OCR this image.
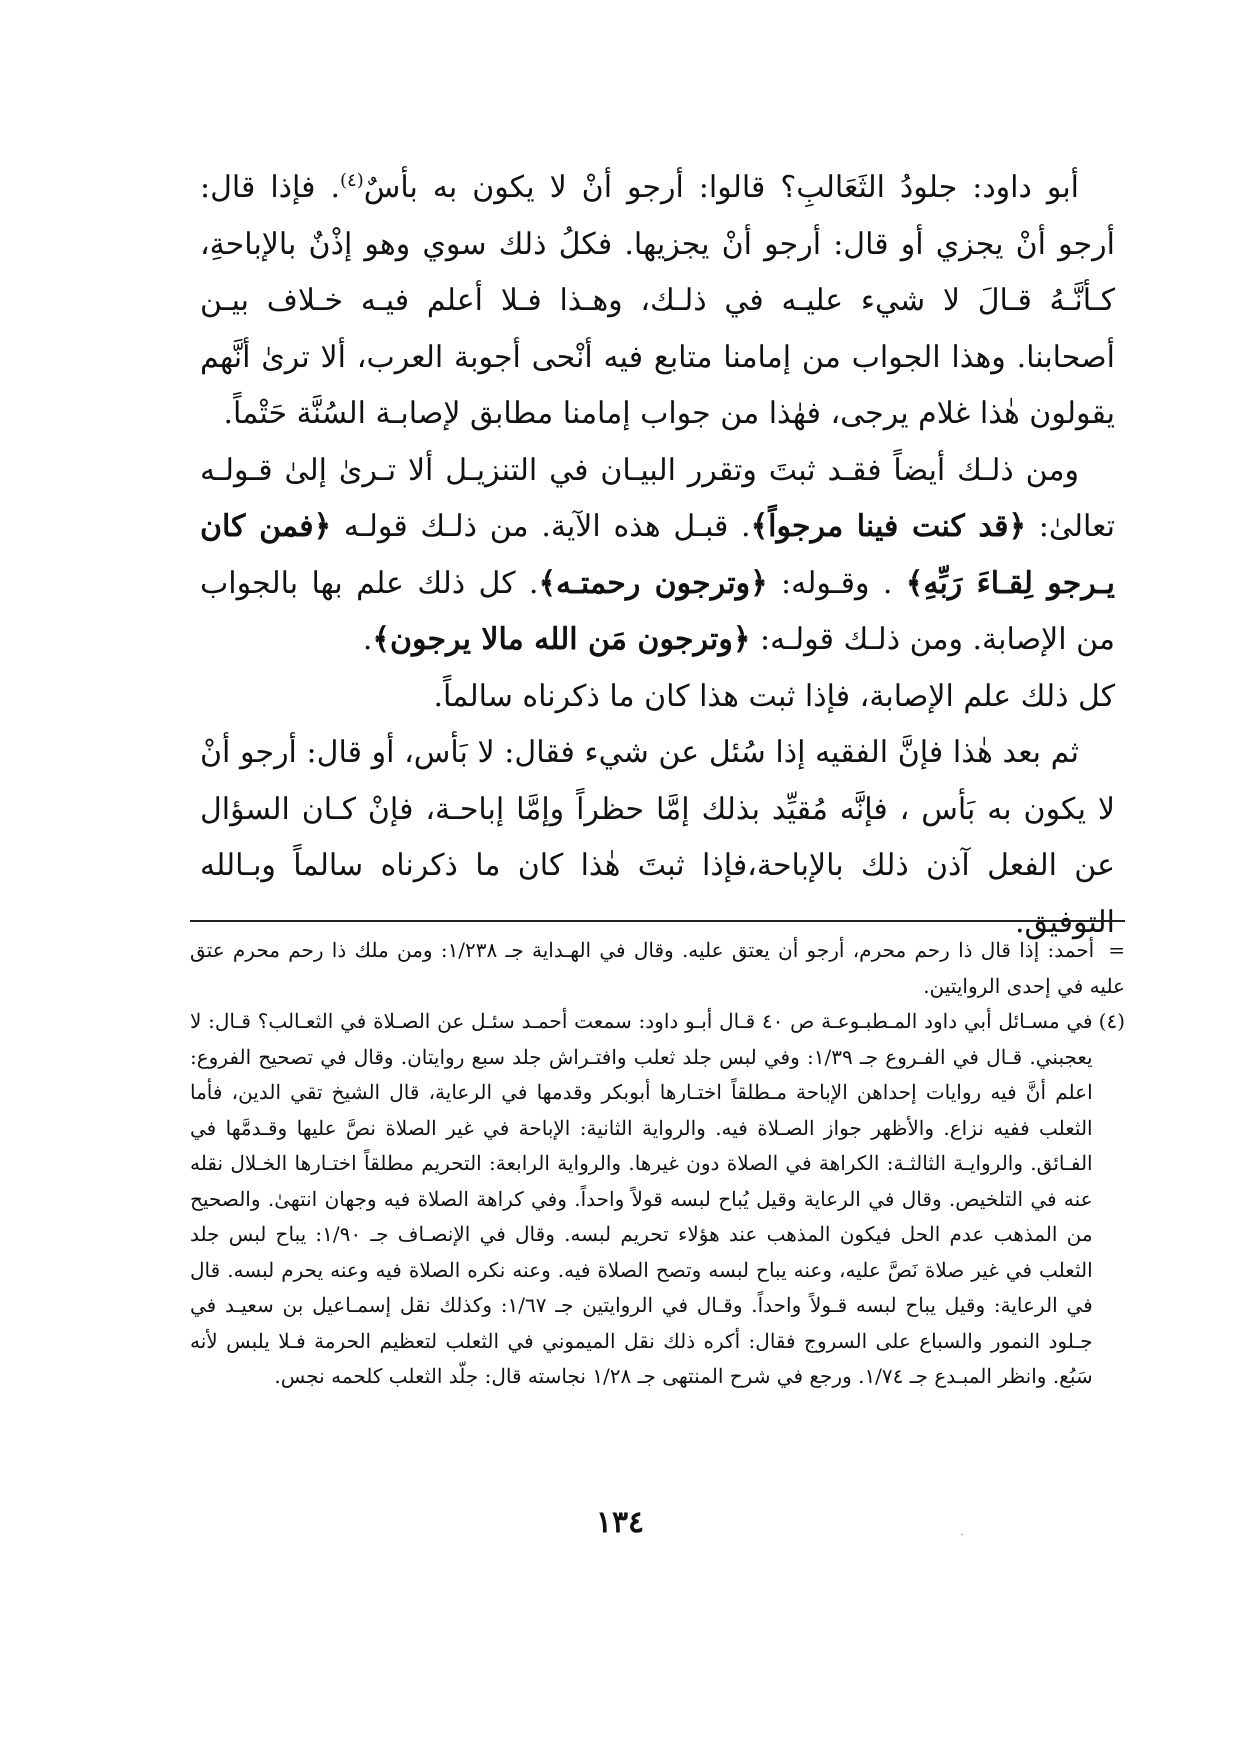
أبو داود: جلودُ الثَعَالبِ؟ قالوا: أرجو أنْ لا يكون به بأسٌ$^{(٤)}$. فإذا قال: أرجو أنْ يجزي أو قال: أرجو أنْ يجزيها. فكلُ ذلك سوي وهو إذْنٌ بالإباحةِ، كـأنَّـهُ قـالَ لا شيء عليـه في ذلـك، وهـذا فـلا أعلم فيـه خـلاف بيـن أصحابنا. وهذا الجواب من إمامنا متابع فيه أنْحى أجوبة العرب، ألا ترىٰ أنَّهم يقولون هٰذا غلام يرجى، فهٰذا من جواب إمامنا مطابق لإصابـة السُنَّة حَتْماً.

ومن ذلـك أيضاً فقـد ثبتَ وتقرر البيـان في التنزيـل ألا تـرىٰ إلىٰ قـولـه تعالىٰ: ﴿قد كنت فينا مرجواً﴾. قبـل هذه الآية. من ذلـك قولـه ﴿فمن كان يـرجو لِقـاءَ رَبِّهِ﴾ . وقـوله: ﴿وترجون رحمتـه﴾. كل ذلك علم بها بالجواب من الإصابة. ومن ذلـك قولـه: ﴿وترجون مَن الله مالا يرجون﴾.

كل ذلك علم الإصابة، فإذا ثبت هذا كان ما ذكرناه سالماً.

ثم بعد هٰذا فإنَّ الفقيه إذا سُئل عن شيء فقال: لا بَأس، أو قال: أرجو أنْ لا يكون به بَأس ، فإنَّه مُقيِّد بذلك إمَّا حظراً وإمَّا إباحـة، فإنْ كـان السؤال عن الفعل آذن ذلك بالإباحة،فإذا ثبتَ هٰذا كان ما ذكرناه سالماً وبـالله التوفيق.

=أحمد: إذا قال ذا رحم محرم، أرجو أن يعتق عليه. وقال في الهـداية جـ ١/٢٣٨: ومن ملك ذا رحم محرم عتق عليه في إحدى الروايتين.

(٤)
في مسـائل أبي داود المـطبـوعـة ص ٤٠ قـال أبـو داود: سمعت أحمـد سئـل عن الصـلاة في الثعـالب؟ قـال: لا يعجبني. قـال في الفـروع جـ ١/٣٩: وفي لبس جلد ثعلب وافتـراش جلد سبع روايتان. وقال في تصحيح الفروع: اعلم أنَّ فيه روايات إحداهن الإباحة مـطلقاً اختـارها أبوبكر وقدمها في الرعاية، قال الشيخ تقي الدين، فأما الثعلب ففيه نزاع. والأظهر جواز الصـلاة فيه. والرواية الثانية: الإباحة في غير الصلاة نصَّ عليها وقـدمَّها في الفـائق. والروايـة الثالثـة: الكراهة في الصلاة دون غيرها. والرواية الرابعة: التحريم مطلقاً اختـارها الخـلال نقله عنه في التلخيص. وقال في الرعاية وقيل يُباح لبسه قولاً واحداً. وفي كراهة الصلاة فيه وجهان انتهىٰ. والصحيح من المذهب عدم الحل فيكون المذهب عند هؤلاء تحريم لبسه. وقال في الإنصـاف جـ ١/٩٠: يباح لبس جلد الثعلب في غير صلاة نَصَّ عليه، وعنه يباح لبسه وتصح الصلاة فيه. وعنه نكره الصلاة فيه وعنه يحرم لبسه. قال في الرعاية: وقيل يباح لبسه قـولاً واحداً. وقـال في الروايتين جـ ١/٦٧: وكذلك نقل إسمـاعيل بن سعيـد في جـلود النمور والسباع على السروج فقال: أكره ذلك نقل الميموني في الثعلب لتعظيم الحرمة فـلا يلبس لأنه سَبُع. وانظر المبـدع جـ ١/٧٤. ورجع في شرح المنتهى جـ ١/٢٨ نجاسته قال: جلّد الثعلب كلحمه نجس.
١٣٤	·
